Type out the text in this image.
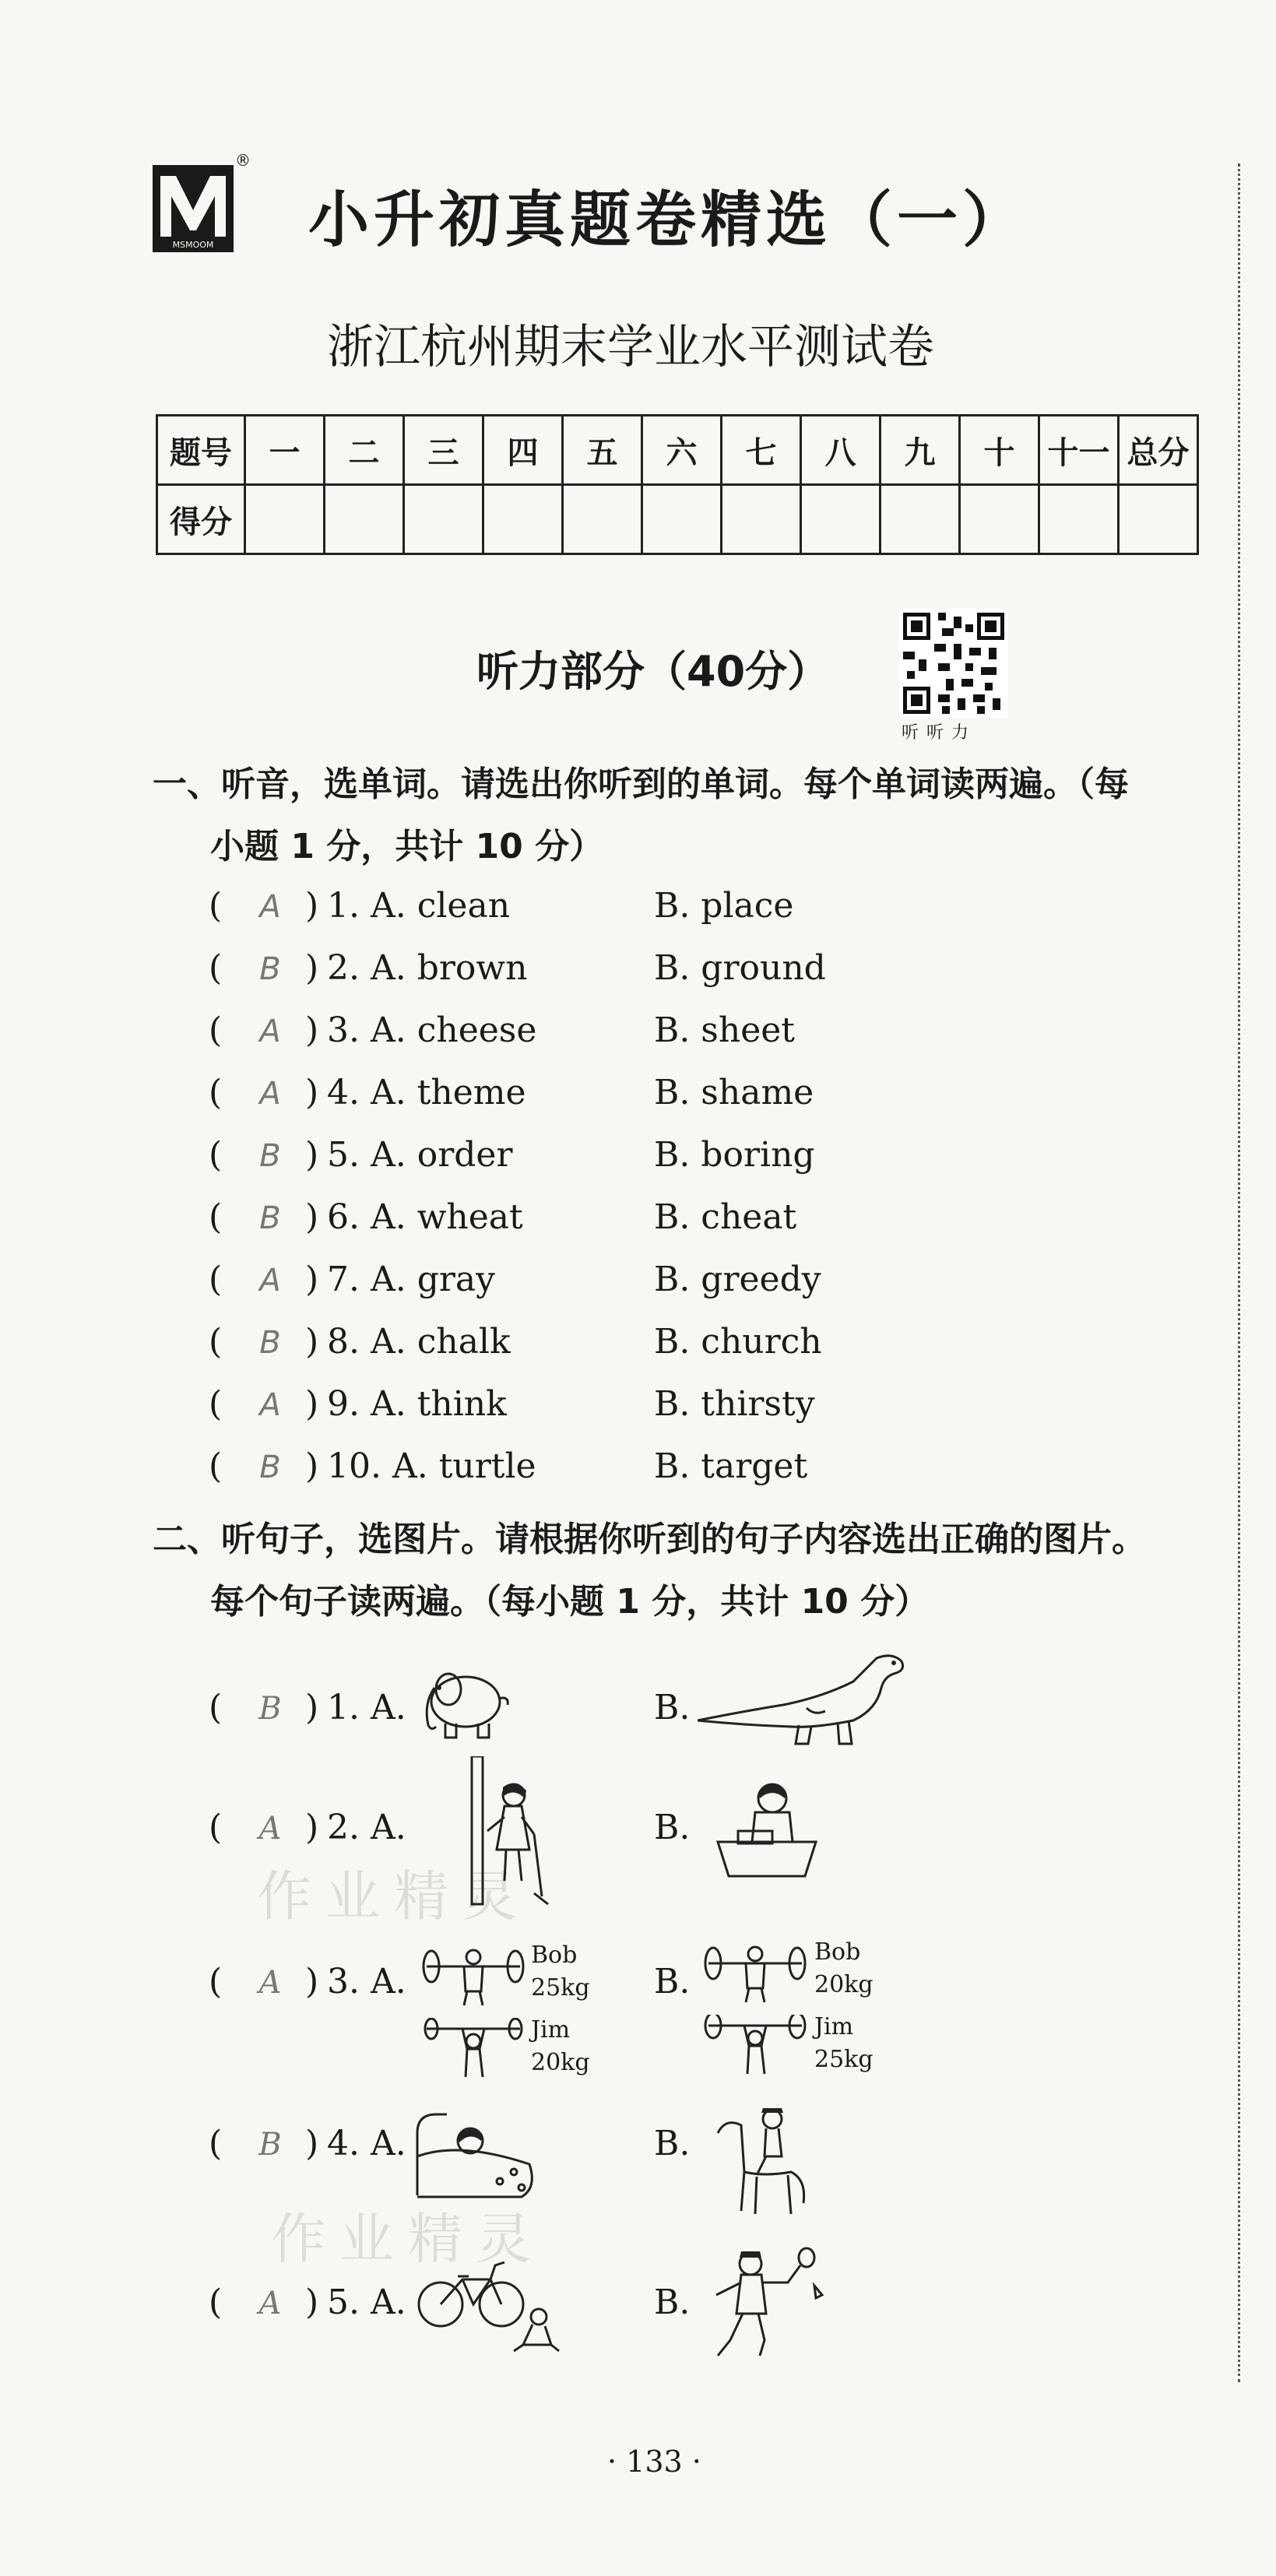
MSMOOM
®
小升初真题卷精选（一）
浙江杭州期末学业水平测试卷
题号	一	二	三	四	五	六	七	八	九	十	十一	总分
得分												
听力部分（40分）
听听力
一、听音，选单词。请选出你听到的单词。每个单词读两遍。（每
小题 1 分，共计 10 分）
( A ) 1. A. clean	B. place
( B ) 2. A. brown	B. ground
( A ) 3. A. cheese	B. sheet
( A ) 4. A. theme	B. shame
( B ) 5. A. order	B. boring
( B ) 6. A. wheat	B. cheat
( A ) 7. A. gray	B. greedy
( B ) 8. A. chalk	B. church
( A ) 9. A. think	B. thirsty
( B ) 10. A. turtle	B. target
二、听句子，选图片。请根据你听到的句子内容选出正确的图片。
每个句子读两遍。（每小题 1 分，共计 10 分）
作业精灵
作业精灵
( B ) 1. A.	B.
( A ) 2. A.	B.
( A ) 3. A.	B.
Bob
25kg
Jim
20kg
Bob
20kg
Jim
25kg
( B ) 4. A.	B.
( A ) 5. A.	B.
· 133 ·
